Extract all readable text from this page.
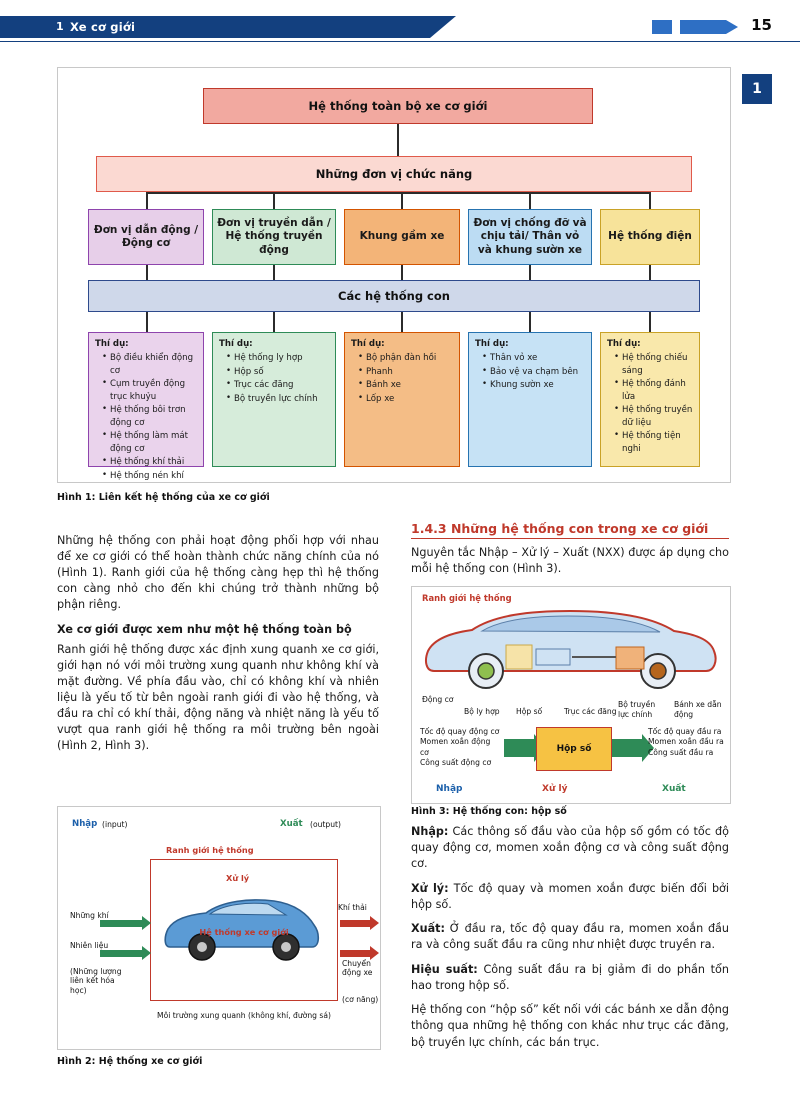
1 Xe cơ giới	15
1
Hệ thống toàn bộ xe cơ giới
Những đơn vị chức năng
Đơn vị dẫn động / Động cơ
Đơn vị truyền dẫn / Hệ thống truyền động
Khung gầm xe
Đơn vị chống đỡ và chịu tải/ Thân vỏ và khung sườn xe
Hệ thống điện
Các hệ thống con
Thí dụ:
• Bộ điều khiển động cơ
• Cụm truyền động trục khuỷu
• Hệ thống bôi trơn động cơ
• Hệ thống làm mát động cơ
• Hệ thống khí thải
• Hệ thống nén khí
Thí dụ:
• Hệ thống ly hợp
• Hộp số
• Trục các đăng
• Bộ truyền lực chính
Thí dụ:
• Bộ phận đàn hồi
• Phanh
• Bánh xe
• Lốp xe
Thí dụ:
• Thân vỏ xe
• Bảo vệ va chạm bên
• Khung sườn xe
Thí dụ:
• Hệ thống chiếu sáng
• Hệ thống đánh lửa
• Hệ thống truyền dữ liệu
• Hệ thống tiện nghi
Hình 1: Liên kết hệ thống của xe cơ giới

Những hệ thống con phải hoạt động phối hợp với nhau để xe cơ giới có thể hoàn thành chức năng chính của nó (Hình 1). Ranh giới của hệ thống càng hẹp thì hệ thống con càng nhỏ cho đến khi chúng trở thành những bộ phận riêng.

Xe cơ giới được xem như một hệ thống toàn bộ

Ranh giới hệ thống được xác định xung quanh xe cơ giới, giới hạn nó với môi trường xung quanh như không khí và mặt đường. Về phía đầu vào, chỉ có không khí và nhiên liệu là yếu tố từ bên ngoài ranh giới đi vào hệ thống, và đầu ra chỉ có khí thải, động năng và nhiệt năng là yếu tố vượt qua ranh giới hệ thống ra môi trường bên ngoài (Hình 2, Hình 3).

1.4.3 Những hệ thống con trong xe cơ giới

Nguyên tắc Nhập – Xử lý – Xuất (NXX) được áp dụng cho mỗi hệ thống con (Hình 3).

Ranh giới hệ thống
Động cơ
Bộ ly hợp Hộp số	Trục các đăng
Bộ truyền lực chính
Bánh xe dẫn động
Hộp số
Tốc độ quay động cơ
Momen xoắn động cơ
Công suất động cơ
Tốc độ quay đầu ra
Momen xoắn đầu ra
Công suất đầu ra
Nhập	Xử lý	Xuất
Hình 3: Hệ thống con: hộp số

Nhập: Các thông số đầu vào của hộp số gồm có tốc độ quay động cơ, momen xoắn động cơ và công suất động cơ.

Xử lý: Tốc độ quay và momen xoắn được biến đổi bởi hộp số.

Xuất: Ở đầu ra, tốc độ quay đầu ra, momen xoắn đầu ra và công suất đầu ra cũng như nhiệt được truyền ra.

Hiệu suất: Công suất đầu ra bị giảm đi do phần tổn hao trong hộp số.

Hệ thống con “hộp số” kết nối với các bánh xe dẫn động thông qua những hệ thống con khác như trục các đăng, bộ truyền lực chính, các bán trục.

Nhập (input)	Xuất (output)
Ranh giới hệ thống
Xử lý
Hệ thống xe cơ giới
Những khí
Nhiên liệu
(Những lượng liên kết hóa học)
Khí thải
Chuyển động xe
(cơ năng)
Môi trường xung quanh (không khí, đường sá)
Hình 2: Hệ thống xe cơ giới
